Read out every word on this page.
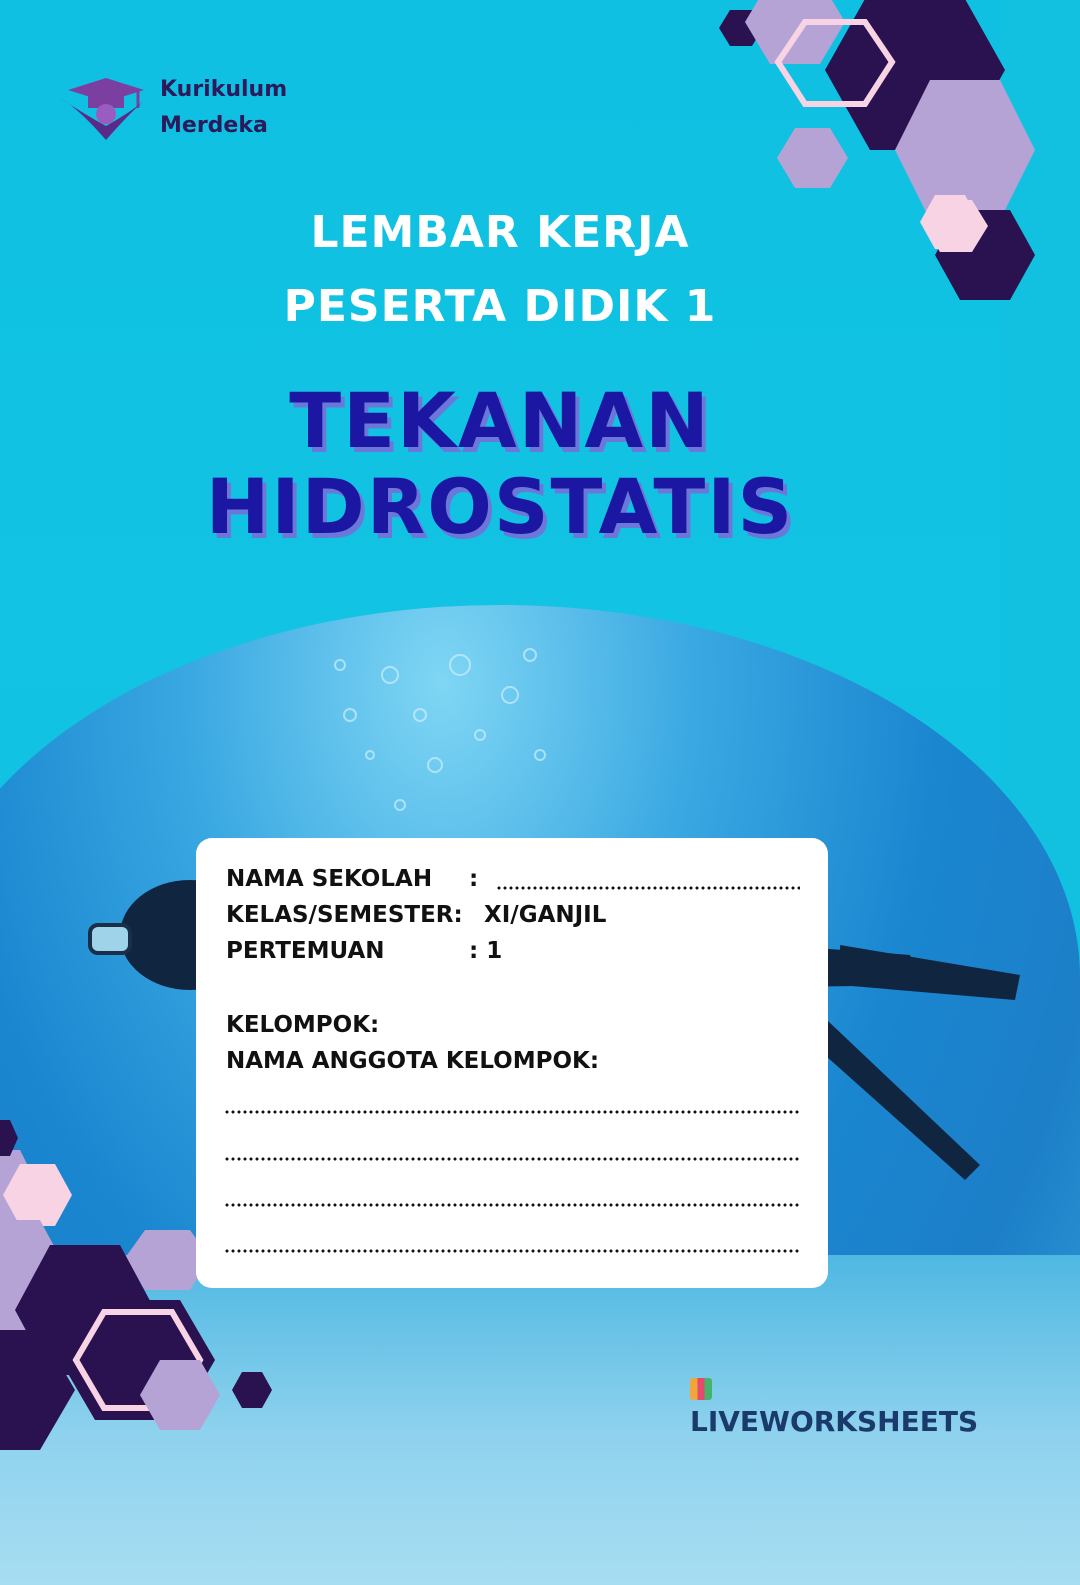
Kurikulum
Merdeka
LEMBAR KERJA
PESERTA DIDIK 1
TEKANAN
HIDROSTATIS
NAMA SEKOLAH :
KELAS/SEMESTER: XI/GANJIL
PERTEMUAN	: 1
KELOMPOK:
NAMA ANGGOTA KELOMPOK:
LIVEWORKSHEETS
